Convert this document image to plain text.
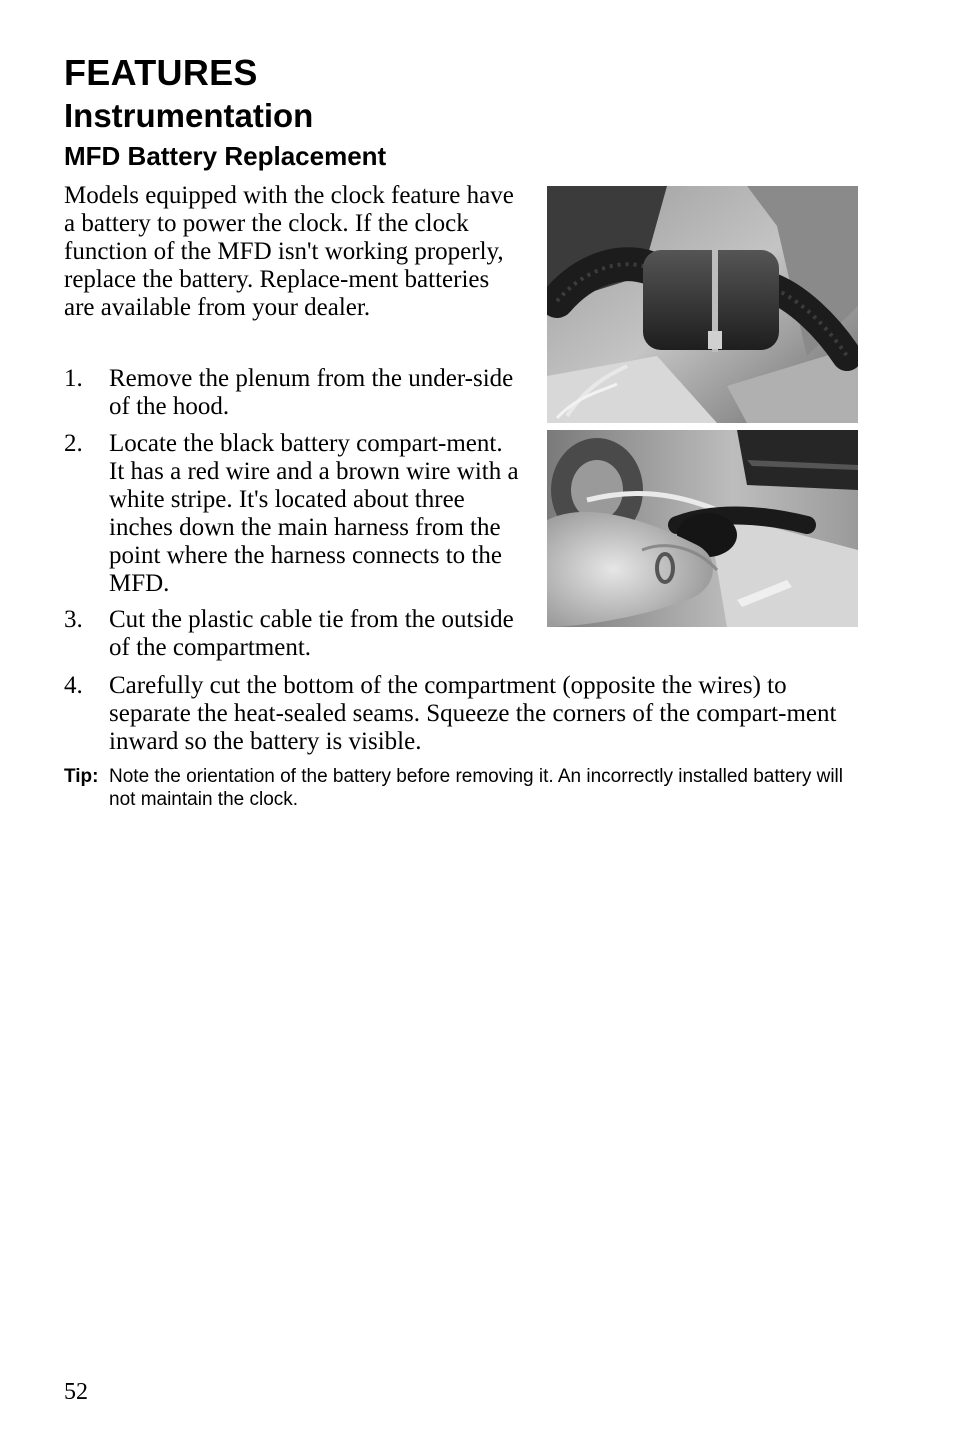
FEATURES
Instrumentation
MFD Battery Replacement

Models equipped with the clock feature have a battery to power the clock. If the clock function of the MFD isn't working properly, replace the battery. Replace-ment batteries are available from your dealer.

1.	Remove the plenum from the under-side of the hood.
2.	Locate the black battery compart-ment. It has a red wire and a brown wire with a white stripe. It's located about three inches down the main harness from the point where the harness connects to the MFD.
3.	Cut the plastic cable tie from the outside of the compartment.
4.	Carefully cut the bottom of the compartment (opposite the wires) to separate the heat-sealed seams. Squeeze the corners of the compart-ment inward so the battery is visible.
Tip: Note the orientation of the battery before removing it. An incorrectly installed battery will not maintain the clock.
52
